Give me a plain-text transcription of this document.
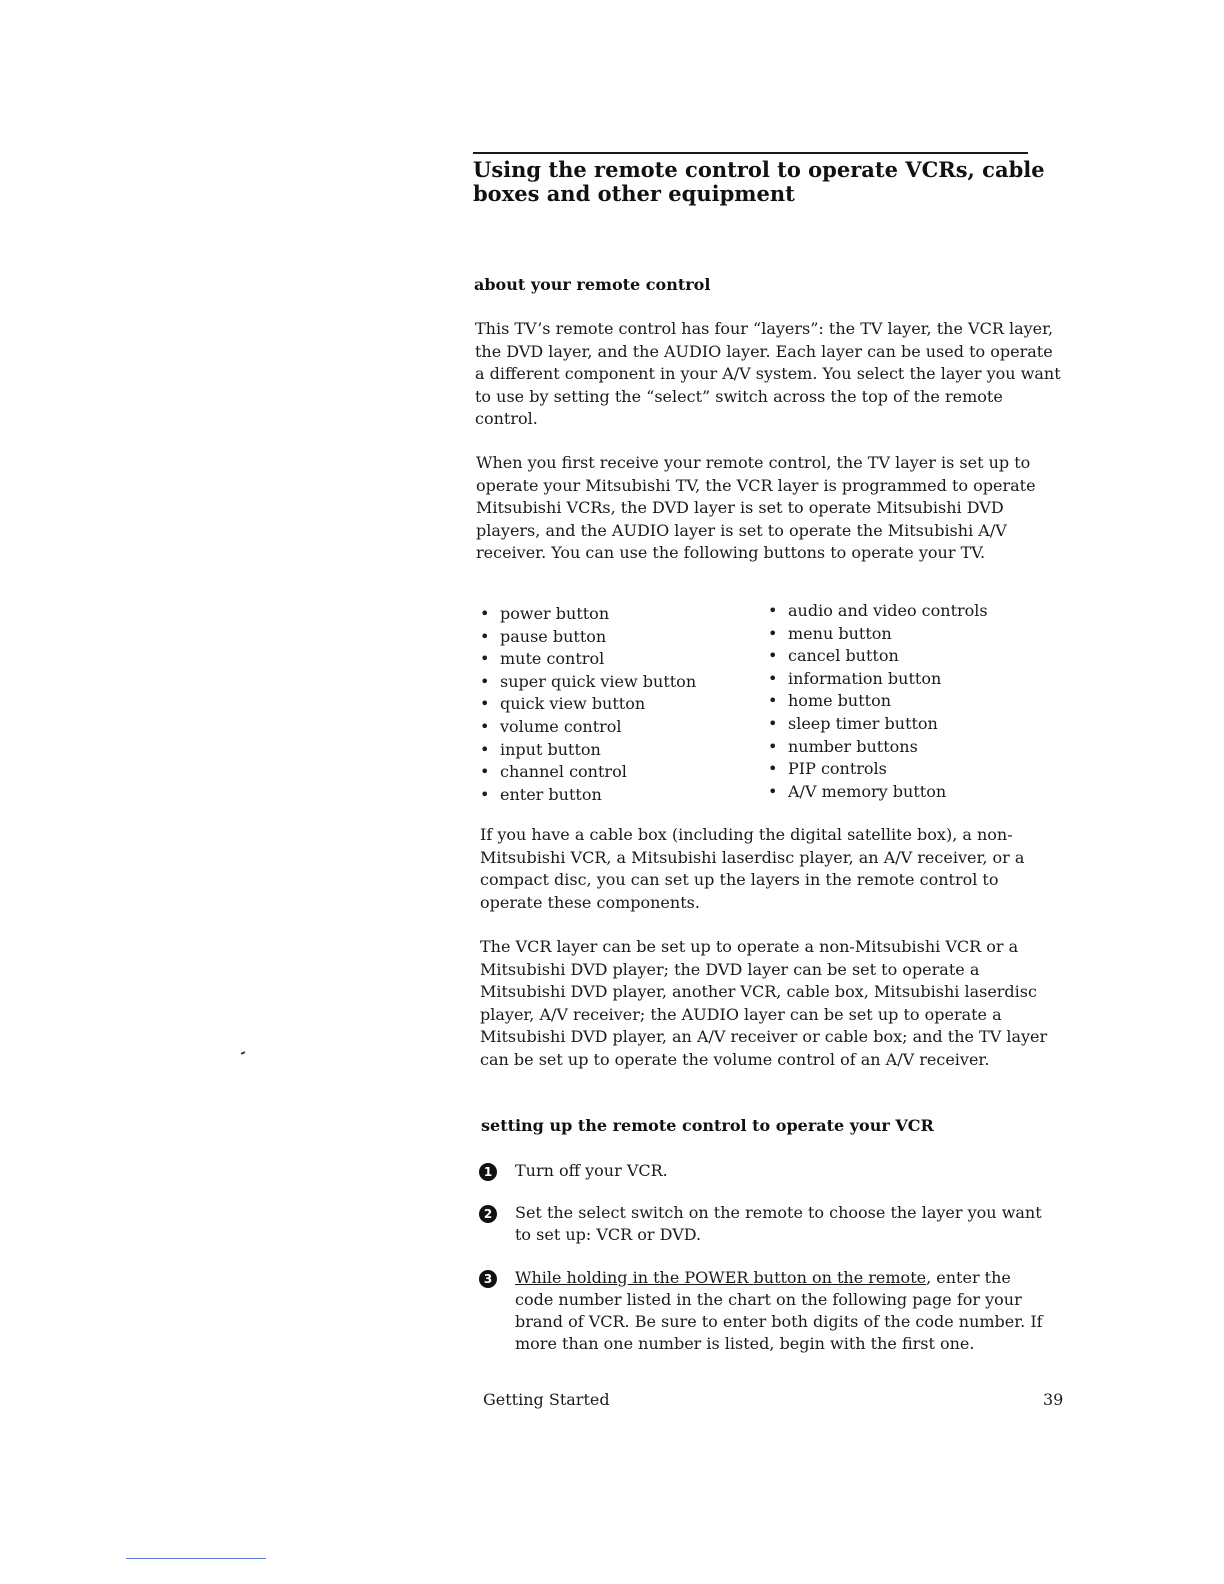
Using the remote control to operate VCRs, cable boxes and other equipment
about your remote control

This TV’s remote control has four “layers”: the TV layer, the VCR layer, the DVD layer, and the AUDIO layer. Each layer can be used to operate a different component in your A/V system. You select the layer you want to use by setting the “select” switch across the top of the remote control.

When you first receive your remote control, the TV layer is set up to operate your Mitsubishi TV, the VCR layer is programmed to operate Mitsubishi VCRs, the DVD layer is set to operate Mitsubishi DVD players, and the AUDIO layer is set to operate the Mitsubishi A/V receiver. You can use the following buttons to operate your TV.

• power button
• pause button
• mute control
• super quick view button
• quick view button
• volume control
• input button
• channel control
• enter button
• audio and video controls
• menu button
• cancel button
• information button
• home button
• sleep timer button
• number buttons
• PIP controls
• A/V memory button

If you have a cable box (including the digital satellite box), a non-Mitsubishi VCR, a Mitsubishi laserdisc player, an A/V receiver, or a compact disc, you can set up the layers in the remote control to operate these components.

The VCR layer can be set up to operate a non-Mitsubishi VCR or a Mitsubishi DVD player; the DVD layer can be set to operate a Mitsubishi DVD player, another VCR, cable box, Mitsubishi laserdisc player, A/V receiver; the AUDIO layer can be set up to operate a Mitsubishi DVD player, an A/V receiver or cable box; and the TV layer can be set up to operate the volume control of an A/V receiver.

setting up the remote control to operate your VCR
1	Turn off your VCR.
2	Set the select switch on the remote to choose the layer you want to set up: VCR or DVD.
3	While holding in the POWER button on the remote, enter the code number listed in the chart on the following page for your brand of VCR. Be sure to enter both digits of the code number. If more than one number is listed, begin with the first one.
Getting Started	39
